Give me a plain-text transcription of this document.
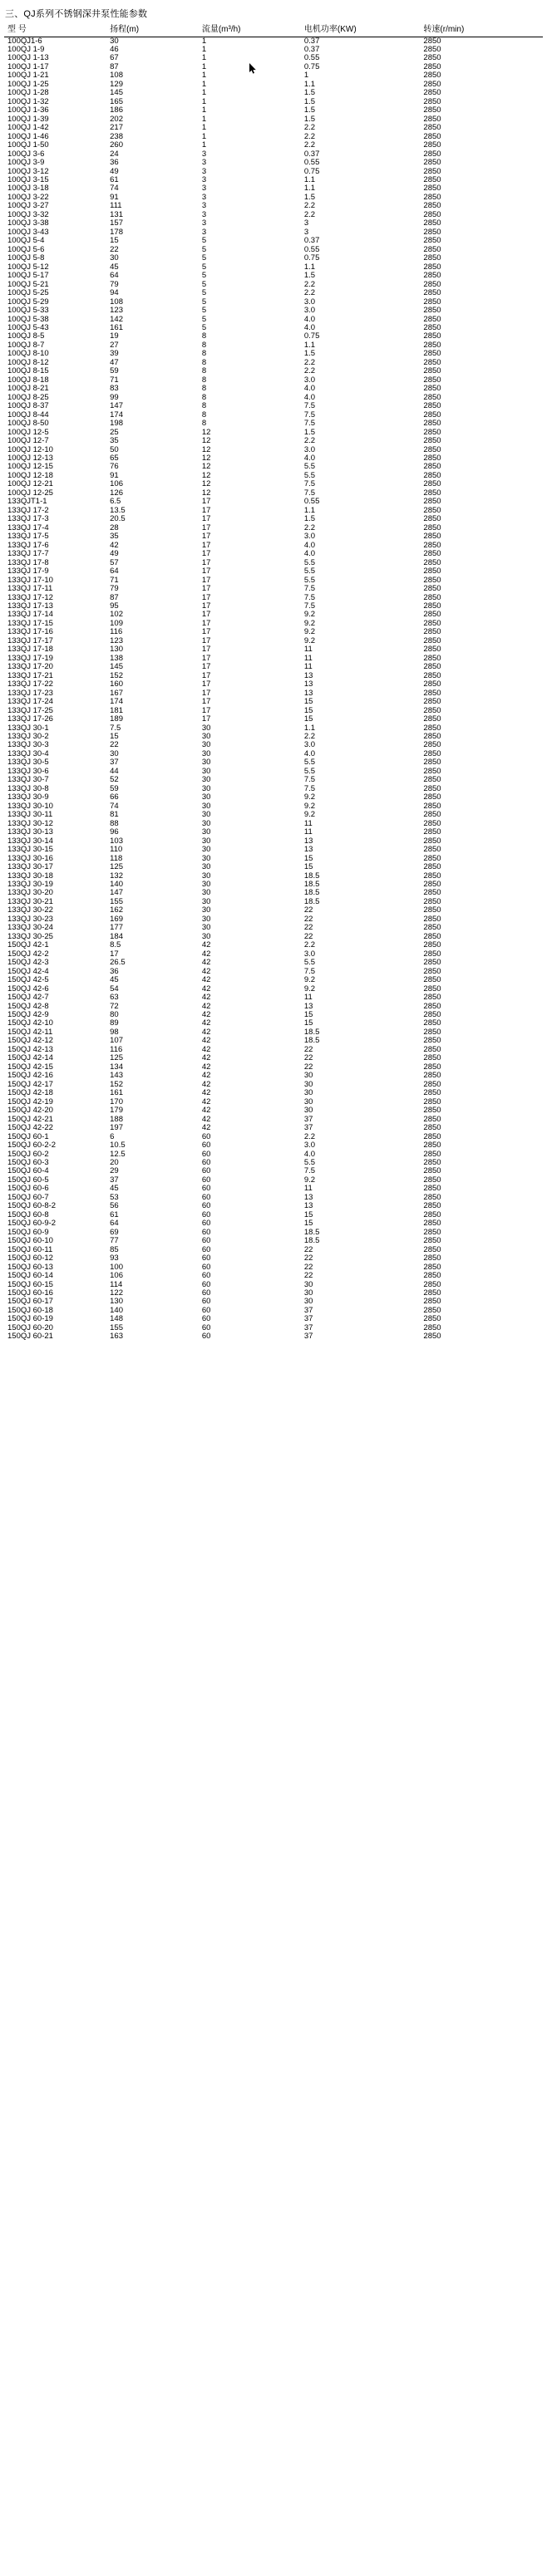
三、QJ系列不锈钢深井泵性能参数
型 号	扬程(m)	流量(m³/h)	电机功率(KW)	转速(r/min)
100QJ1-6	30	1	0.37	2850
100QJ 1-9	46	1	0.37	2850
100QJ 1-13	67	1	0.55	2850
100QJ 1-17	87	1	0.75	2850
100QJ 1-21	108	1	1	2850
100QJ 1-25	129	1	1.1	2850
100QJ 1-28	145	1	1.5	2850
100QJ 1-32	165	1	1.5	2850
100QJ 1-36	186	1	1.5	2850
100QJ 1-39	202	1	1.5	2850
100QJ 1-42	217	1	2.2	2850
100QJ 1-46	238	1	2.2	2850
100QJ 1-50	260	1	2.2	2850
100QJ 3-6	24	3	0.37	2850
100QJ 3-9	36	3	0.55	2850
100QJ 3-12	49	3	0.75	2850
100QJ 3-15	61	3	1.1	2850
100QJ 3-18	74	3	1.1	2850
100QJ 3-22	91	3	1.5	2850
100QJ 3-27	111	3	2.2	2850
100QJ 3-32	131	3	2.2	2850
100QJ 3-38	157	3	3	2850
100QJ 3-43	178	3	3	2850
100QJ 5-4	15	5	0.37	2850
100QJ 5-6	22	5	0.55	2850
100QJ 5-8	30	5	0.75	2850
100QJ 5-12	45	5	1.1	2850
100QJ 5-17	64	5	1.5	2850
100QJ 5-21	79	5	2.2	2850
100QJ 5-25	94	5	2.2	2850
100QJ 5-29	108	5	3.0	2850
100QJ 5-33	123	5	3.0	2850
100QJ 5-38	142	5	4.0	2850
100QJ 5-43	161	5	4.0	2850
100QJ 8-5	19	8	0.75	2850
100QJ 8-7	27	8	1.1	2850
100QJ 8-10	39	8	1.5	2850
100QJ 8-12	47	8	2.2	2850
100QJ 8-15	59	8	2.2	2850
100QJ 8-18	71	8	3.0	2850
100QJ 8-21	83	8	4.0	2850
100QJ 8-25	99	8	4.0	2850
100QJ 8-37	147	8	7.5	2850
100QJ 8-44	174	8	7.5	2850
100QJ 8-50	198	8	7.5	2850
100QJ 12-5	25	12	1.5	2850
100QJ 12-7	35	12	2.2	2850
100QJ 12-10	50	12	3.0	2850
100QJ 12-13	65	12	4.0	2850
100QJ 12-15	76	12	5.5	2850
100QJ 12-18	91	12	5.5	2850
100QJ 12-21	106	12	7.5	2850
100QJ 12-25	126	12	7.5	2850
133QJT1-1	6.5	17	0.55	2850
133QJ 17-2	13.5	17	1.1	2850
133QJ 17-3	20.5	17	1.5	2850
133QJ 17-4	28	17	2.2	2850
133QJ 17-5	35	17	3.0	2850
133QJ 17-6	42	17	4.0	2850
133QJ 17-7	49	17	4.0	2850
133QJ 17-8	57	17	5.5	2850
133QJ 17-9	64	17	5.5	2850
133QJ 17-10	71	17	5.5	2850
133QJ 17-11	79	17	7.5	2850
133QJ 17-12	87	17	7.5	2850
133QJ 17-13	95	17	7.5	2850
133QJ 17-14	102	17	9.2	2850
133QJ 17-15	109	17	9.2	2850
133QJ 17-16	116	17	9.2	2850
133QJ 17-17	123	17	9.2	2850
133QJ 17-18	130	17	11	2850
133QJ 17-19	138	17	11	2850
133QJ 17-20	145	17	11	2850
133QJ 17-21	152	17	13	2850
133QJ 17-22	160	17	13	2850
133QJ 17-23	167	17	13	2850
133QJ 17-24	174	17	15	2850
133QJ 17-25	181	17	15	2850
133QJ 17-26	189	17	15	2850
133QJ 30-1	7.5	30	1.1	2850
133QJ 30-2	15	30	2.2	2850
133QJ 30-3	22	30	3.0	2850
133QJ 30-4	30	30	4.0	2850
133QJ 30-5	37	30	5.5	2850
133QJ 30-6	44	30	5.5	2850
133QJ 30-7	52	30	7.5	2850
133QJ 30-8	59	30	7.5	2850
133QJ 30-9	66	30	9.2	2850
133QJ 30-10	74	30	9.2	2850
133QJ 30-11	81	30	9.2	2850
133QJ 30-12	88	30	11	2850
133QJ 30-13	96	30	11	2850
133QJ 30-14	103	30	13	2850
133QJ 30-15	110	30	13	2850
133QJ 30-16	118	30	15	2850
133QJ 30-17	125	30	15	2850
133QJ 30-18	132	30	18.5	2850
133QJ 30-19	140	30	18.5	2850
133QJ 30-20	147	30	18.5	2850
133QJ 30-21	155	30	18.5	2850
133QJ 30-22	162	30	22	2850
133QJ 30-23	169	30	22	2850
133QJ 30-24	177	30	22	2850
133QJ 30-25	184	30	22	2850
150QJ 42-1	8.5	42	2.2	2850
150QJ 42-2	17	42	3.0	2850
150QJ 42-3	26.5	42	5.5	2850
150QJ 42-4	36	42	7.5	2850
150QJ 42-5	45	42	9.2	2850
150QJ 42-6	54	42	9.2	2850
150QJ 42-7	63	42	11	2850
150QJ 42-8	72	42	13	2850
150QJ 42-9	80	42	15	2850
150QJ 42-10	89	42	15	2850
150QJ 42-11	98	42	18.5	2850
150QJ 42-12	107	42	18.5	2850
150QJ 42-13	116	42	22	2850
150QJ 42-14	125	42	22	2850
150QJ 42-15	134	42	22	2850
150QJ 42-16	143	42	30	2850
150QJ 42-17	152	42	30	2850
150QJ 42-18	161	42	30	2850
150QJ 42-19	170	42	30	2850
150QJ 42-20	179	42	30	2850
150QJ 42-21	188	42	37	2850
150QJ 42-22	197	42	37	2850
150QJ 60-1	6	60	2.2	2850
150QJ 60-2-2	10.5	60	3.0	2850
150QJ 60-2	12.5	60	4.0	2850
150QJ 60-3	20	60	5.5	2850
150QJ 60-4	29	60	7.5	2850
150QJ 60-5	37	60	9.2	2850
150QJ 60-6	45	60	11	2850
150QJ 60-7	53	60	13	2850
150QJ 60-8-2	56	60	13	2850
150QJ 60-8	61	60	15	2850
150QJ 60-9-2	64	60	15	2850
150QJ 60-9	69	60	18.5	2850
150QJ 60-10	77	60	18.5	2850
150QJ 60-11	85	60	22	2850
150QJ 60-12	93	60	22	2850
150QJ 60-13	100	60	22	2850
150QJ 60-14	106	60	22	2850
150QJ 60-15	114	60	30	2850
150QJ 60-16	122	60	30	2850
150QJ 60-17	130	60	30	2850
150QJ 60-18	140	60	37	2850
150QJ 60-19	148	60	37	2850
150QJ 60-20	155	60	37	2850
150QJ 60-21	163	60	37	2850
